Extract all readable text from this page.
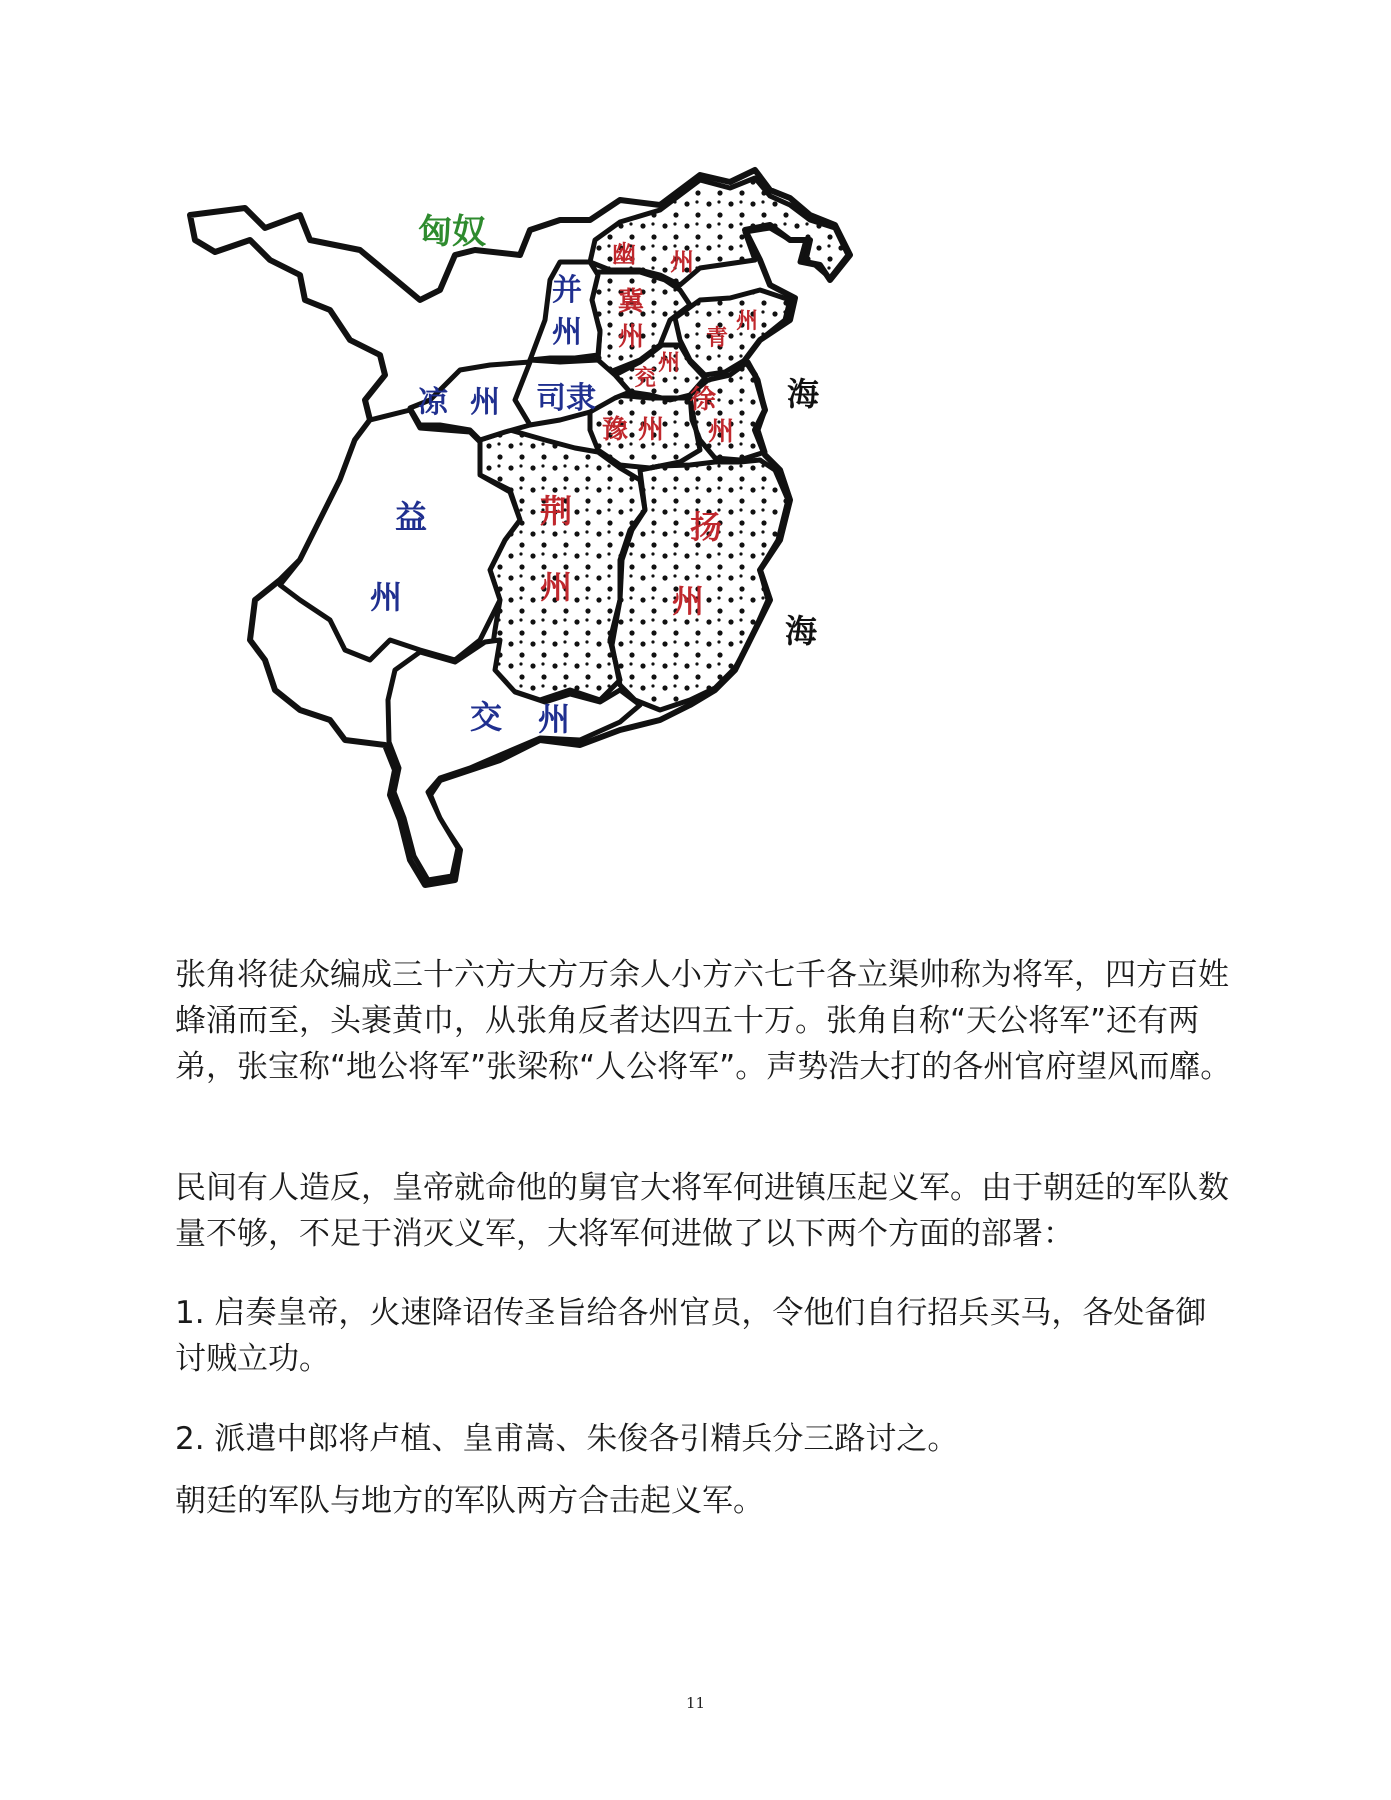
匈奴
并
州
凉 州 司隶
幽 州
冀
州	青
州
兖
州
徐
州
豫 州
荆
州
扬
州
益
州
交 州
海
海

张角将徒众编成三十六方大方万余人小方六七千各立渠帅称为将军，四方百姓蜂涌而至，头裹黄巾，从张角反者达四五十万。张角自称“天公将军”还有两弟，张宝称“地公将军”张梁称“人公将军”。声势浩大打的各州官府望风而靡。

民间有人造反，皇帝就命他的舅官大将军何进镇压起义军。由于朝廷的军队数量不够，不足于消灭义军，大将军何进做了以下两个方面的部署：

1. 启奏皇帝，火速降诏传圣旨给各州官员，令他们自行招兵买马，各处备御讨贼立功。

2. 派遣中郎将卢植、皇甫嵩、朱俊各引精兵分三路讨之。

朝廷的军队与地方的军队两方合击起义军。

11
